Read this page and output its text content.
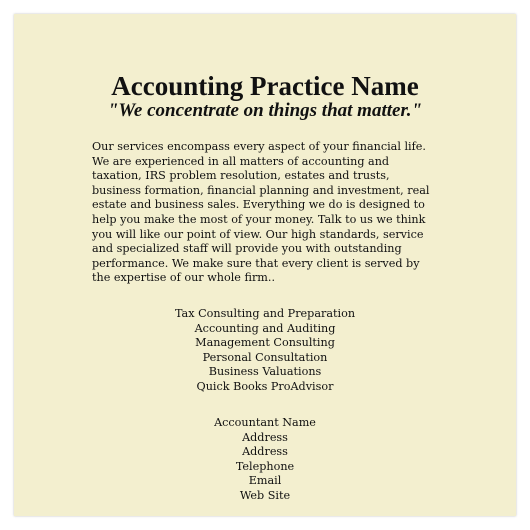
Accounting Practice Name

"We concentrate on things that matter."

Our services encompass every aspect of your financial life. We are experienced in all matters of accounting and taxation, IRS problem resolution, estates and trusts, business formation, financial planning and investment, real estate and business sales. Everything we do is designed to help you make the most of your money. Talk to us we think you will like our point of view. Our high standards, service and specialized staff will provide you with outstanding performance. We make sure that every client is served by the expertise of our whole firm..

Tax Consulting and Preparation
Accounting and Auditing
Management Consulting
Personal Consultation
Business Valuations
Quick Books ProAdvisor
Accountant Name
Address
Address
Telephone
Email
Web Site
